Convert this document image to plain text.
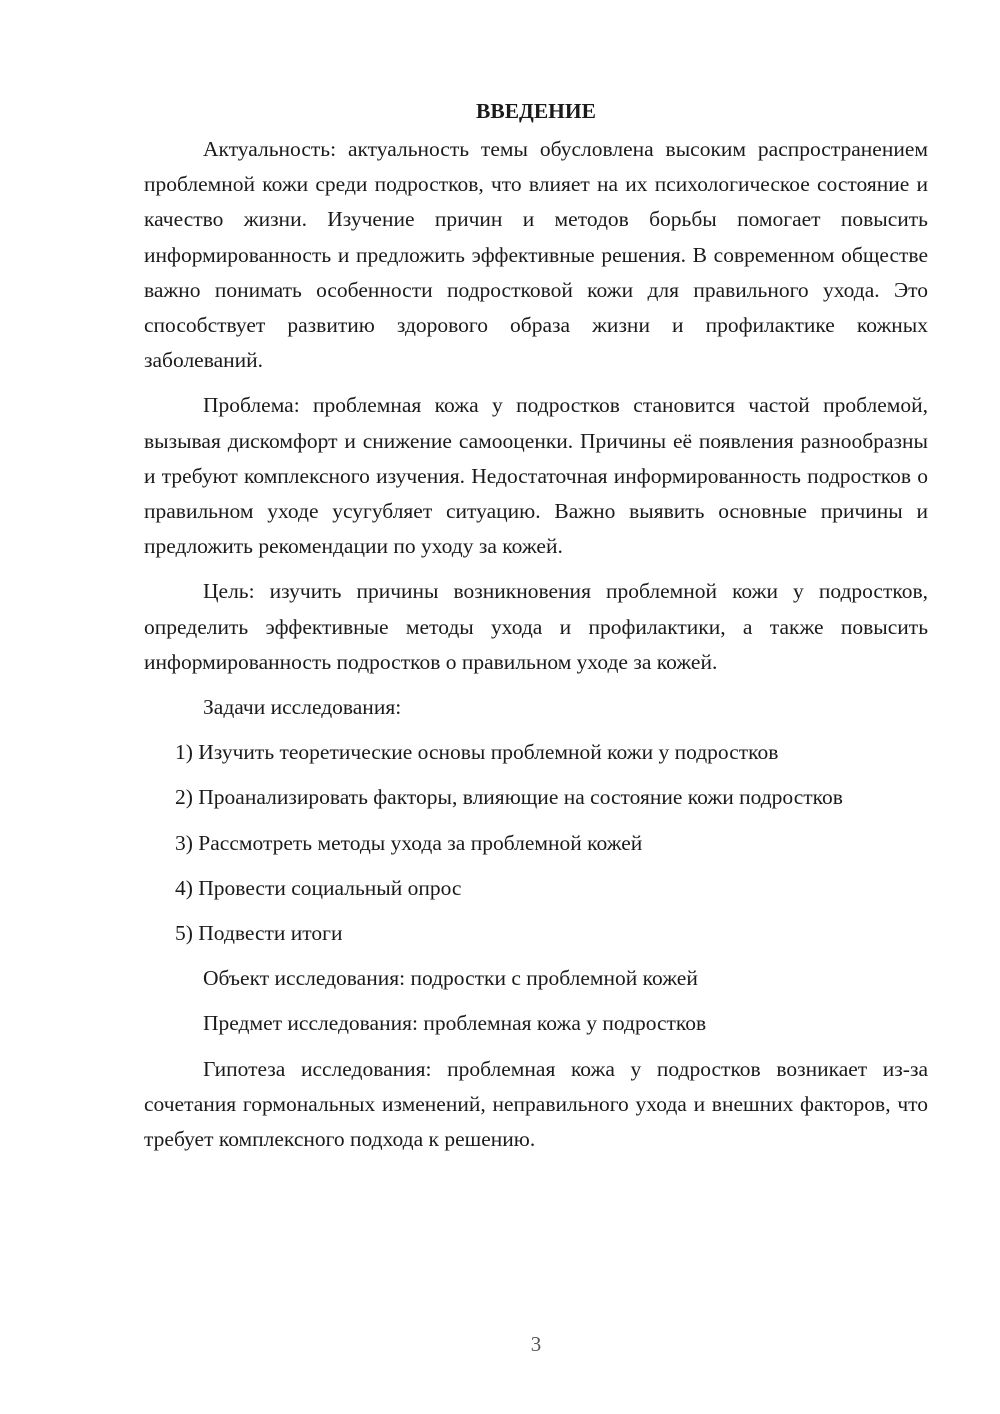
ВВЕДЕНИЕ

Актуальность: актуальность темы обусловлена высоким распространением проблемной кожи среди подростков, что влияет на их психологическое состояние и качество жизни. Изучение причин и методов борьбы помогает повысить информированность и предложить эффективные решения. В современном обществе важно понимать особенности подростковой кожи для правильного ухода. Это способствует развитию здорового образа жизни и профилактике кожных заболеваний.

Проблема: проблемная кожа у подростков становится частой проблемой, вызывая дискомфорт и снижение самооценки. Причины её появления разнообразны и требуют комплексного изучения. Недостаточная информированность подростков о правильном уходе усугубляет ситуацию. Важно выявить основные причины и предложить рекомендации по уходу за кожей.

Цель: изучить причины возникновения проблемной кожи у подростков, определить эффективные методы ухода и профилактики, а также повысить информированность подростков о правильном уходе за кожей.

Задачи исследования:

1) Изучить теоретические основы проблемной кожи у подростков

2) Проанализировать факторы, влияющие на состояние кожи подростков

3) Рассмотреть методы ухода за проблемной кожей

4) Провести социальный опрос

5) Подвести итоги

Объект исследования: подростки с проблемной кожей

Предмет исследования: проблемная кожа у подростков

Гипотеза исследования: проблемная кожа у подростков возникает из-за сочетания гормональных изменений, неправильного ухода и внешних факторов, что требует комплексного подхода к решению.

3
